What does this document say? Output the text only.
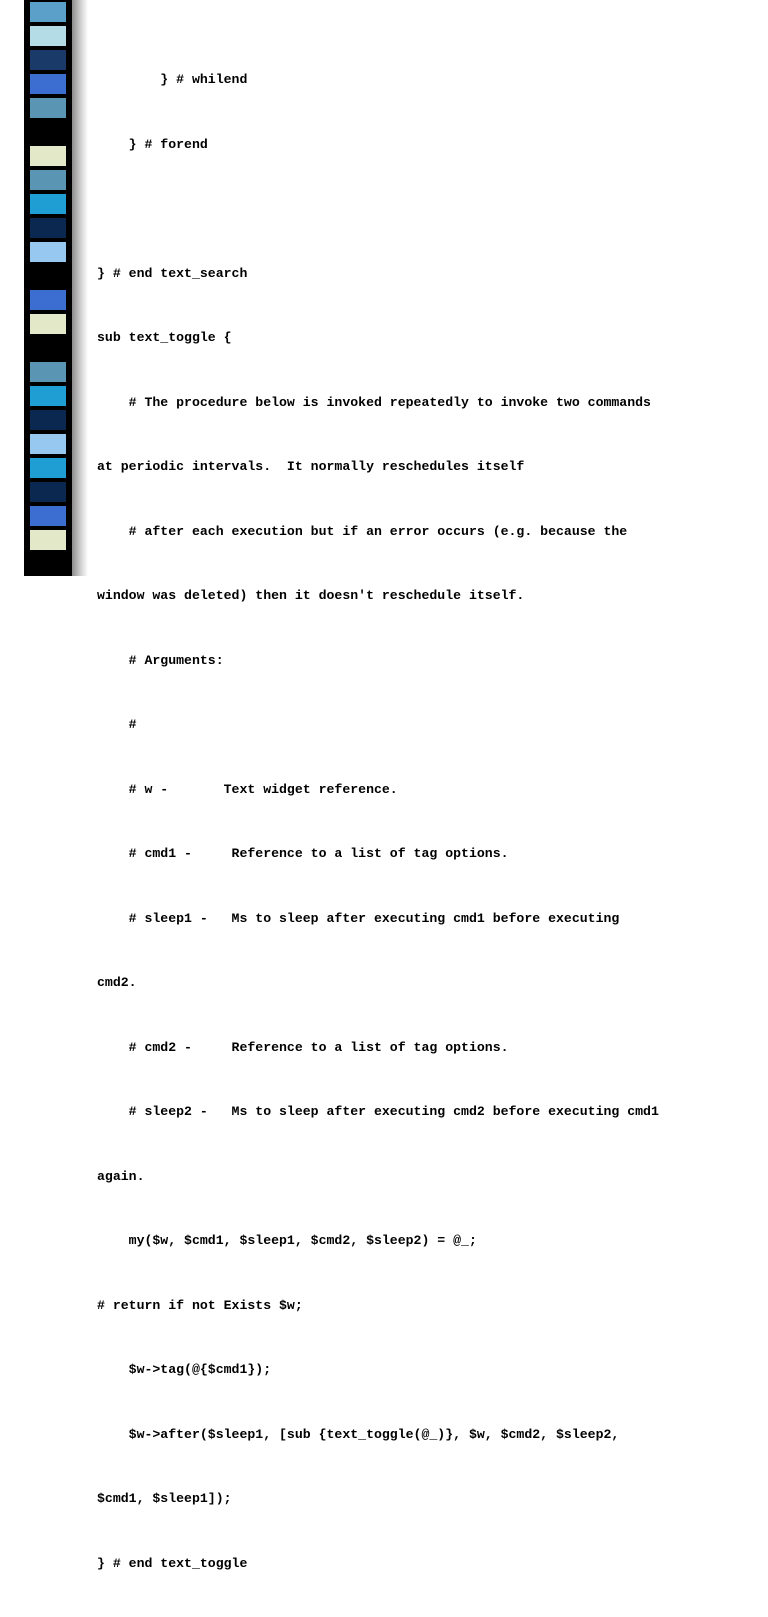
} # whilend

} # forend

} # end text_search

sub text_toggle {

# The procedure below is invoked repeatedly to invoke two commands

at periodic intervals.  It normally reschedules itself

# after each execution but if an error occurs (e.g. because the

window was deleted) then it doesn't reschedule itself.

# Arguments:

#

# w -       Text widget reference.

# cmd1 -     Reference to a list of tag options.

# sleep1 -   Ms to sleep after executing cmd1 before executing

cmd2.

# cmd2 -     Reference to a list of tag options.

# sleep2 -   Ms to sleep after executing cmd2 before executing cmd1

again.

my($w, $cmd1, $sleep1, $cmd2, $sleep2) = @_;

# return if not Exists $w;

$w->tag(@{$cmd1});

$w->after($sleep1, [sub {text_toggle(@_)}, $w, $cmd2, $sleep2,

$cmd1, $sleep1]);

} # end text_toggle
